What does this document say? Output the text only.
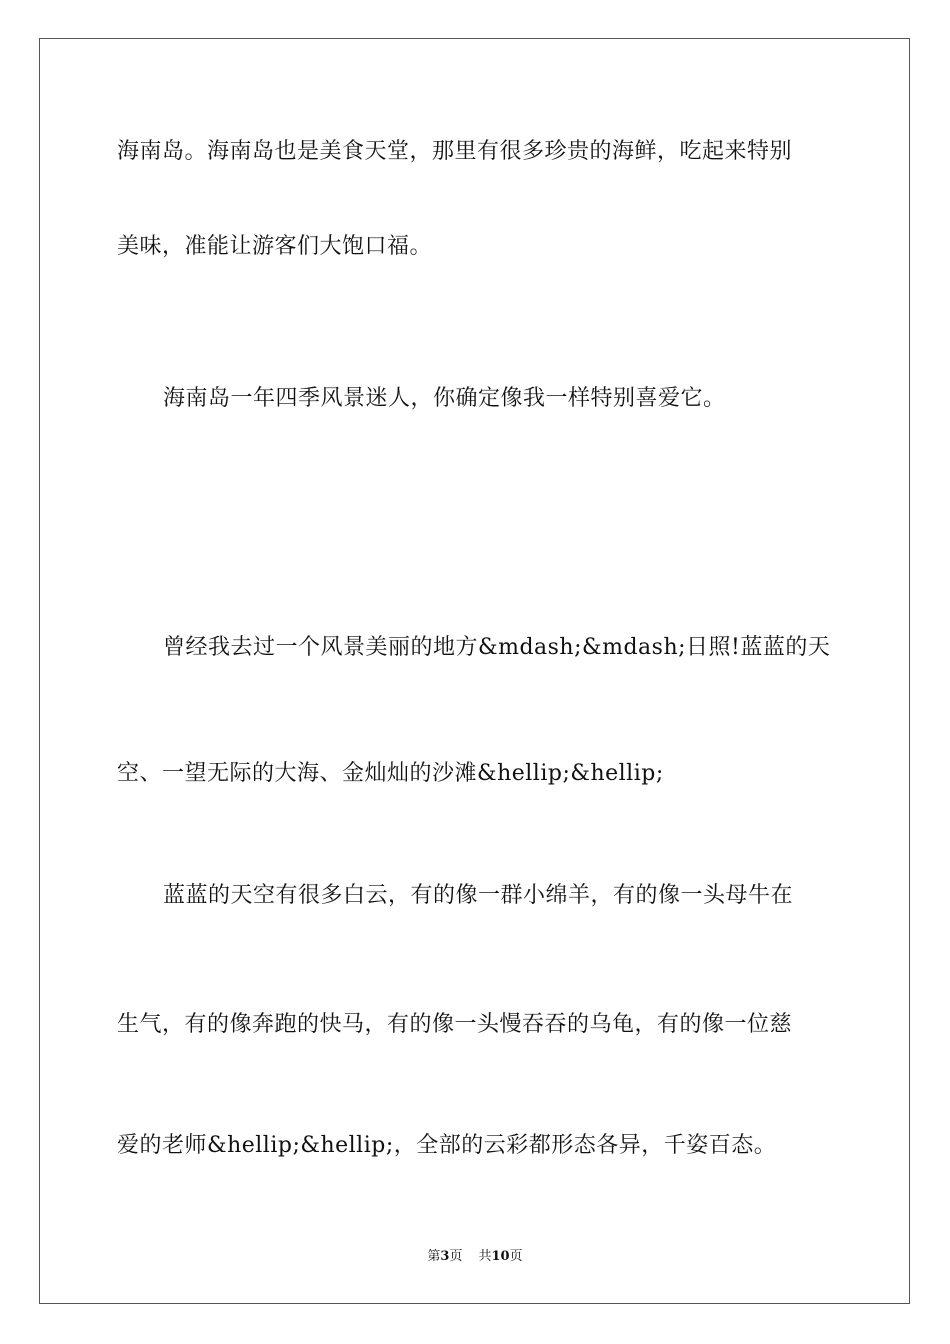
海南岛。海南岛也是美食天堂，那里有很多珍贵的海鲜，吃起来特别
美味，准能让游客们大饱口福。
海南岛一年四季风景迷人，你确定像我一样特别喜爱它。
曾经我去过一个风景美丽的地方&mdash;&mdash;日照!蓝蓝的天
空、一望无际的大海、金灿灿的沙滩&hellip;&hellip;
蓝蓝的天空有很多白云，有的像一群小绵羊，有的像一头母牛在
生气，有的像奔跑的快马，有的像一头慢吞吞的乌龟，有的像一位慈
爱的老师&hellip;&hellip;，全部的云彩都形态各异，千姿百态。
第3页 共10页
